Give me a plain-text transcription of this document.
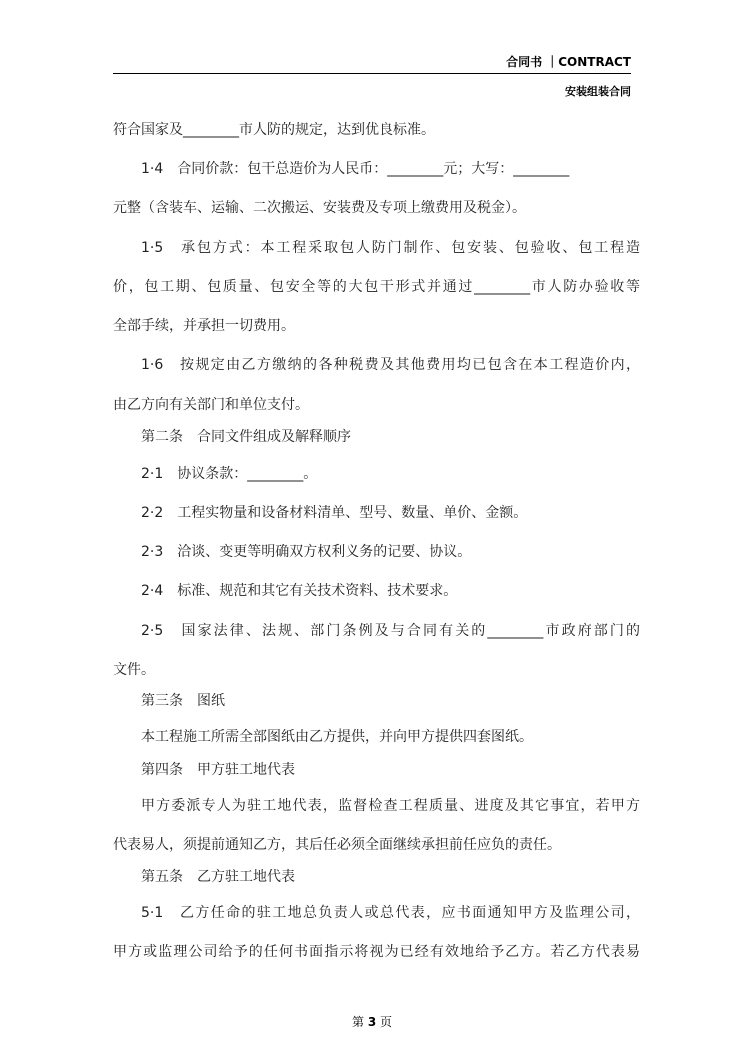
合同书 ｜CONTRACT
安装组装合同
符合国家及________市人防的规定，达到优良标准。
1·4　合同价款：包干总造价为人民币：________元；大写：________
元整（含装车、运输、二次搬运、安装费及专项上缴费用及税金）。
1·5　承包方式：本工程采取包人防门制作、包安装、包验收、包工程造
价，包工期、包质量、包安全等的大包干形式并通过________市人防办验收等
全部手续，并承担一切费用。
1·6　按规定由乙方缴纳的各种税费及其他费用均已包含在本工程造价内，
由乙方向有关部门和单位支付。
第二条　合同文件组成及解释顺序
2·1　协议条款：________。
2·2　工程实物量和设备材料清单、型号、数量、单价、金额。
2·3　洽谈、变更等明确双方权利义务的记要、协议。
2·4　标准、规范和其它有关技术资料、技术要求。
2·5　国家法律、法规、部门条例及与合同有关的________市政府部门的
文件。
第三条　图纸
本工程施工所需全部图纸由乙方提供，并向甲方提供四套图纸。
第四条　甲方驻工地代表
甲方委派专人为驻工地代表，监督检查工程质量、进度及其它事宜，若甲方
代表易人，须提前通知乙方，其后任必须全面继续承担前任应负的责任。
第五条　乙方驻工地代表
5·1　乙方任命的驻工地总负责人或总代表，应书面通知甲方及监理公司，
甲方或监理公司给予的任何书面指示将视为已经有效地给予乙方。若乙方代表易
第 3 页
